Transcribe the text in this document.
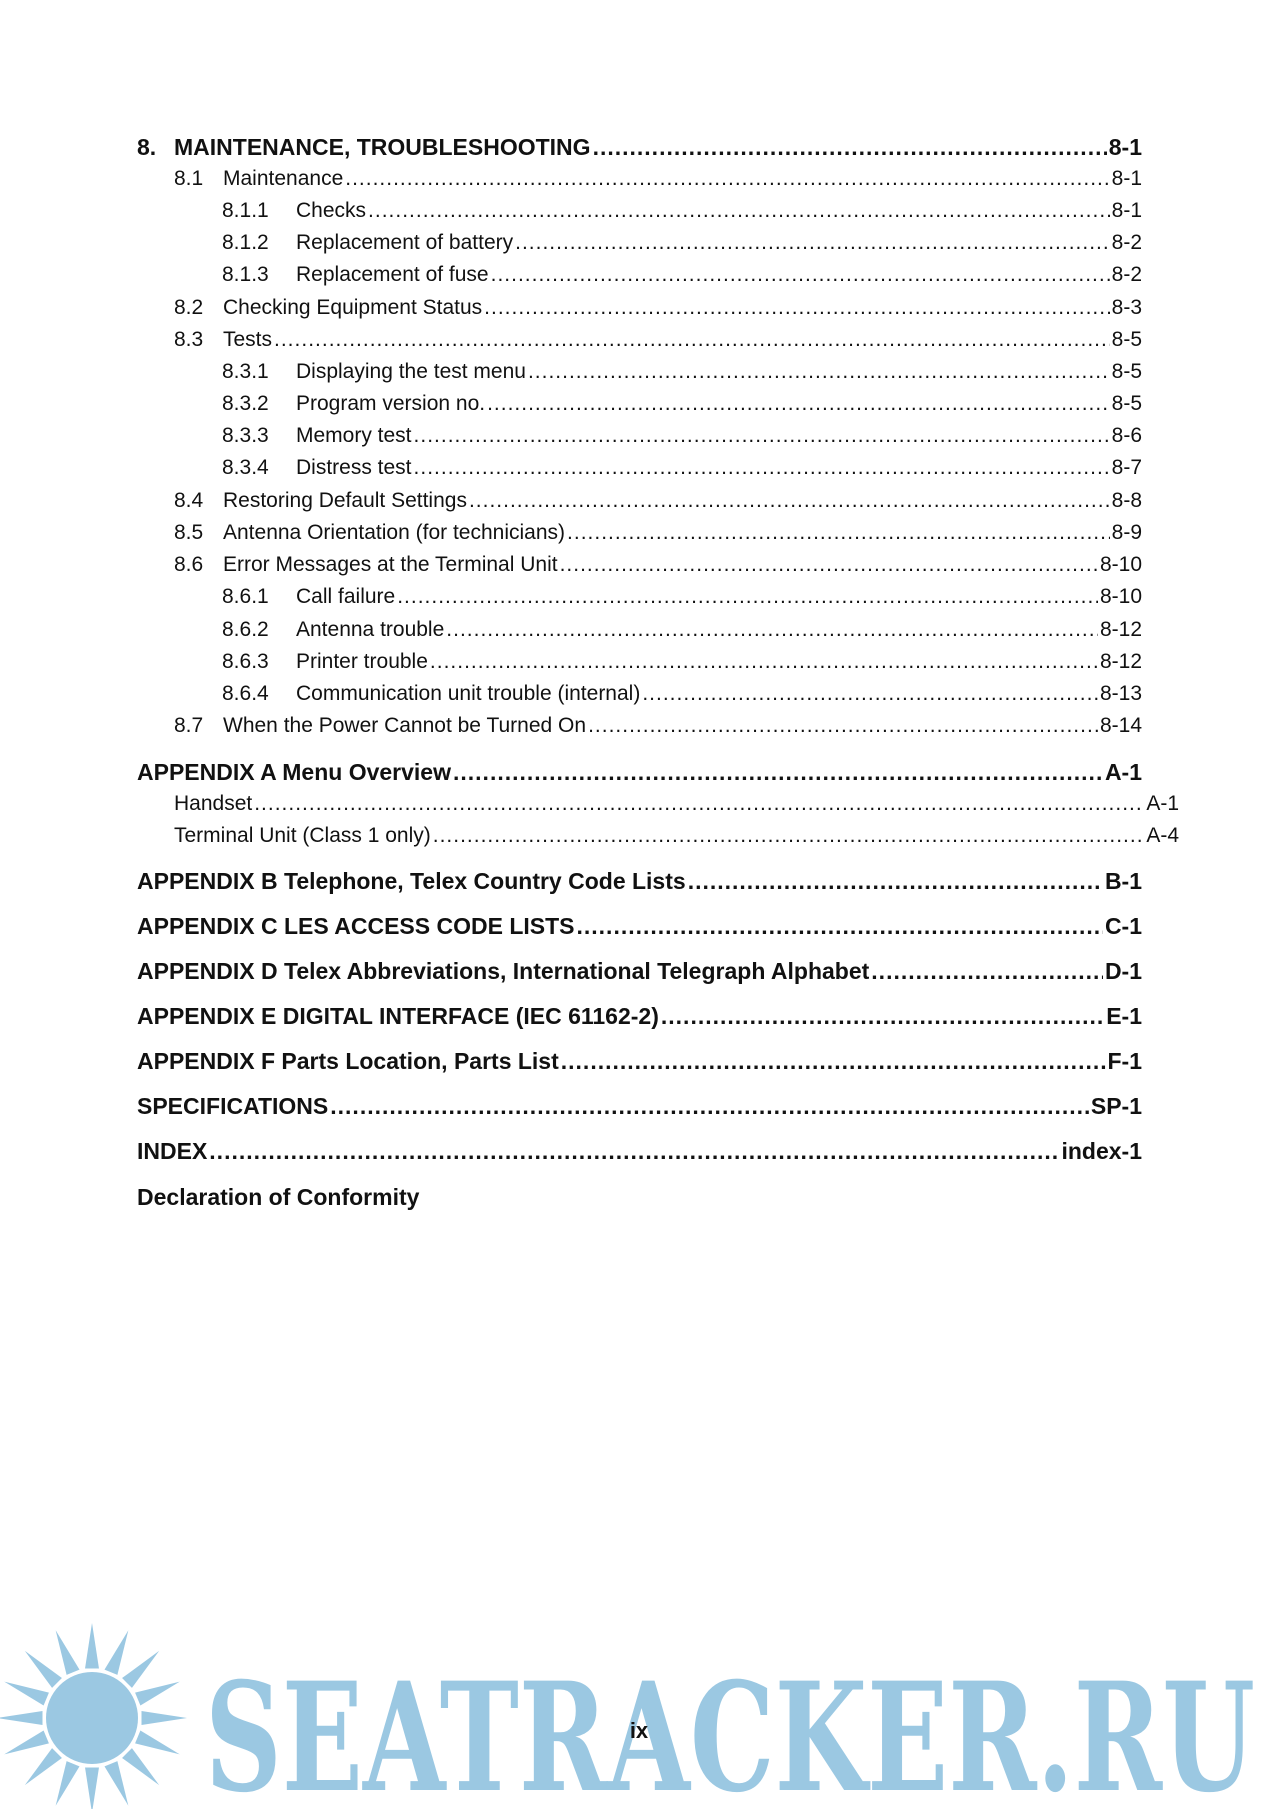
8. MAINTENANCE, TROUBLESHOOTING .....	8-1
8.1 Maintenance .....	8-1
8.1.1	Checks .....	8-1
8.1.2	Replacement of battery .....	8-2
8.1.3	Replacement of fuse .....	8-2
8.2 Checking Equipment Status .....	8-3
8.3 Tests .....	8-5
8.3.1	Displaying the test menu .....	8-5
8.3.2	Program version no. .....	8-5
8.3.3	Memory test .....	8-6
8.3.4	Distress test .....	8-7
8.4 Restoring Default Settings .....	8-8
8.5 Antenna Orientation (for technicians) .....	8-9
8.6 Error Messages at the Terminal Unit .....	8-10
8.6.1	Call failure .....	8-10
8.6.2	Antenna trouble .....	8-12
8.6.3	Printer trouble .....	8-12
8.6.4	Communication unit trouble (internal) .....	8-13
8.7 When the Power Cannot be Turned On .....	8-14
APPENDIX A Menu Overview .....	A-1
Handset .....	A-1
Terminal Unit (Class 1 only) .....	A-4
APPENDIX B Telephone, Telex Country Code Lists .....	B-1
APPENDIX C LES ACCESS CODE LISTS .....	C-1
APPENDIX D Telex Abbreviations, International Telegraph Alphabet .....	D-1
APPENDIX E DIGITAL INTERFACE (IEC 61162-2) .....	E-1
APPENDIX F Parts Location, Parts List .....	F-1
SPECIFICATIONS .....	SP-1
INDEX .....	index-1
Declaration of Conformity
ix
SEATRACKER.RU
